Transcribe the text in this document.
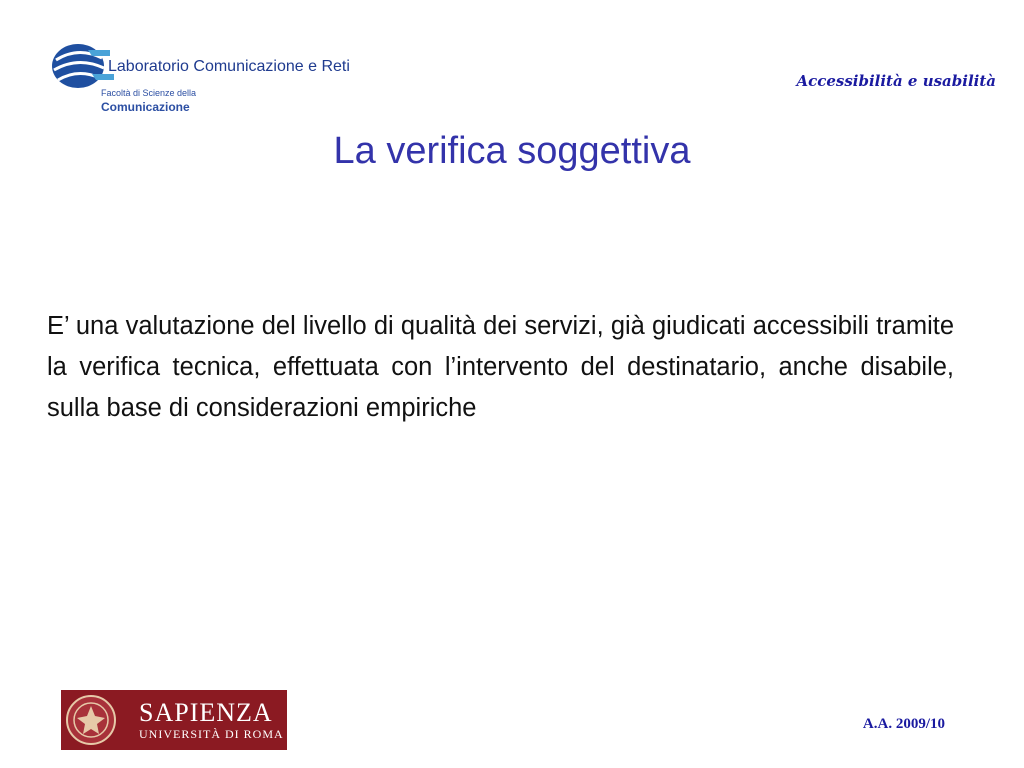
Laboratorio Comunicazione e Reti
Facoltà di Scienze della
Comunicazione
Accessibilità e usabilità
La verifica soggettiva
E’ una valutazione del livello di qualità dei servizi, già giudicati accessibili tramite la verifica tecnica, effettuata con l’intervento del destinatario, anche disabile, sulla base di considerazioni empiriche
SAPIENZA
UNIVERSITÀ DI ROMA
A.A. 2009/10
